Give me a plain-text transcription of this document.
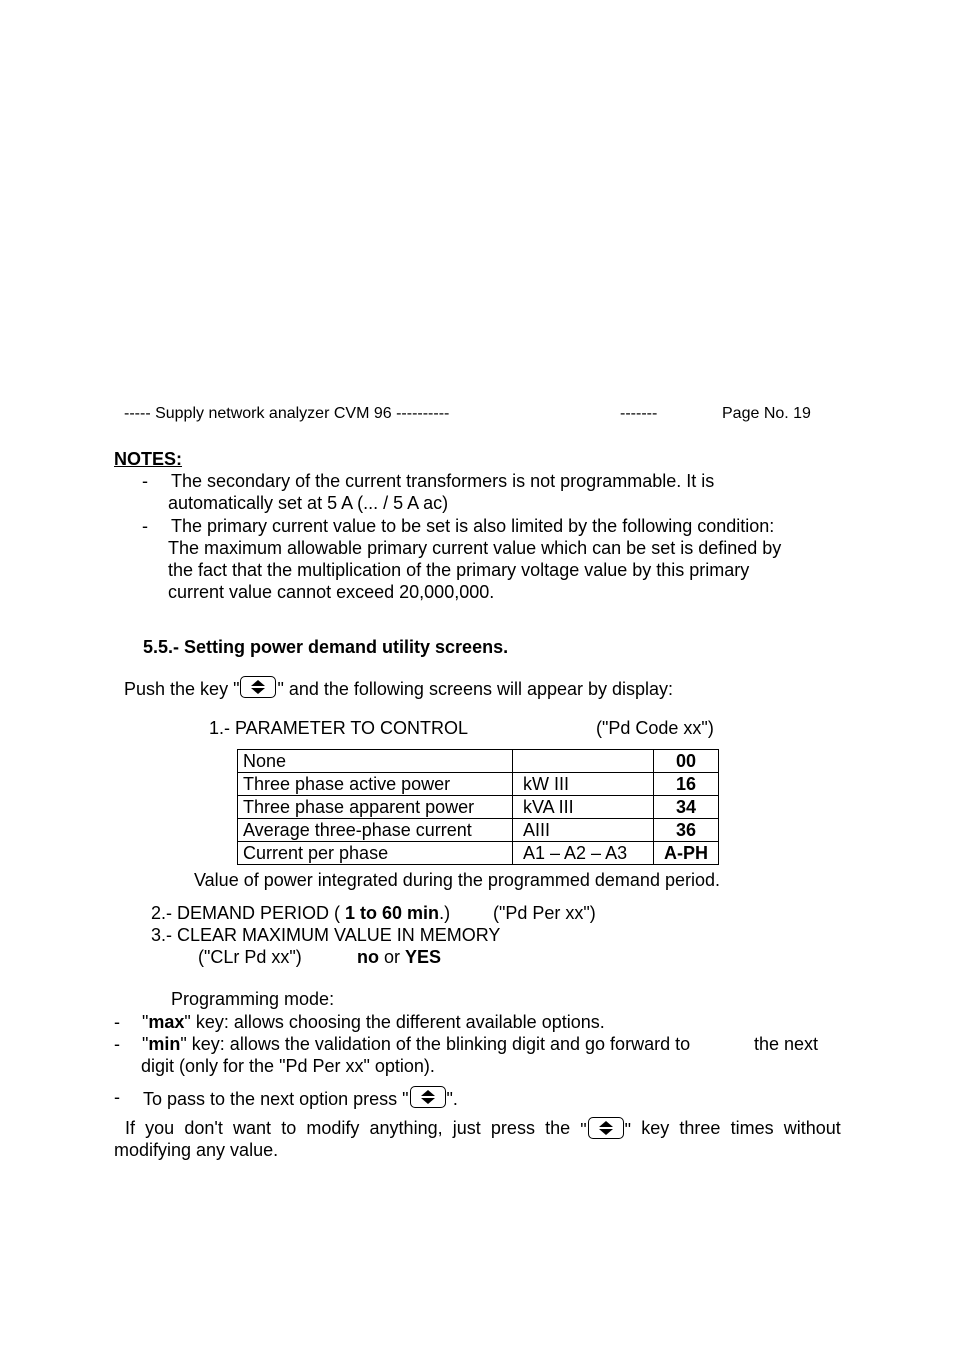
----- Supply network analyzer CVM 96 ----------	-------	Page No. 19
NOTES:
- The secondary of the current transformers is not programmable. It is
automatically set at 5 A (... / 5 A ac)
- The primary current value to be set is also limited by the following condition:
The maximum allowable primary current value which can be set is defined by
the fact that the multiplication of the primary voltage value by this primary
current value cannot exceed 20,000,000.
5.5.- Setting power demand utility screens.
Push the key " " and the following screens will appear by display:
1.- PARAMETER TO CONTROL	("Pd Code xx")
None		00
Three phase active power	kW III	16
Three phase apparent power	kVA III	34
Average three-phase current	AIII	36
Current per phase	A1 – A2 – A3	A-PH
Value of power integrated during the programmed demand period.
2.- DEMAND PERIOD ( 1 to 60 min.) ("Pd Per xx")
3.- CLEAR MAXIMUM VALUE IN MEMORY
("CLr Pd xx")	no or YES
Programming mode:
- "max" key: allows choosing the different available options.
- "min" key: allows the validation of the blinking digit and go forward to	the next
digit (only for the "Pd Per xx" option).
- To pass to the next option press " ".
If you don't want to modify anything, just press the " " key three times without
modifying any value.
